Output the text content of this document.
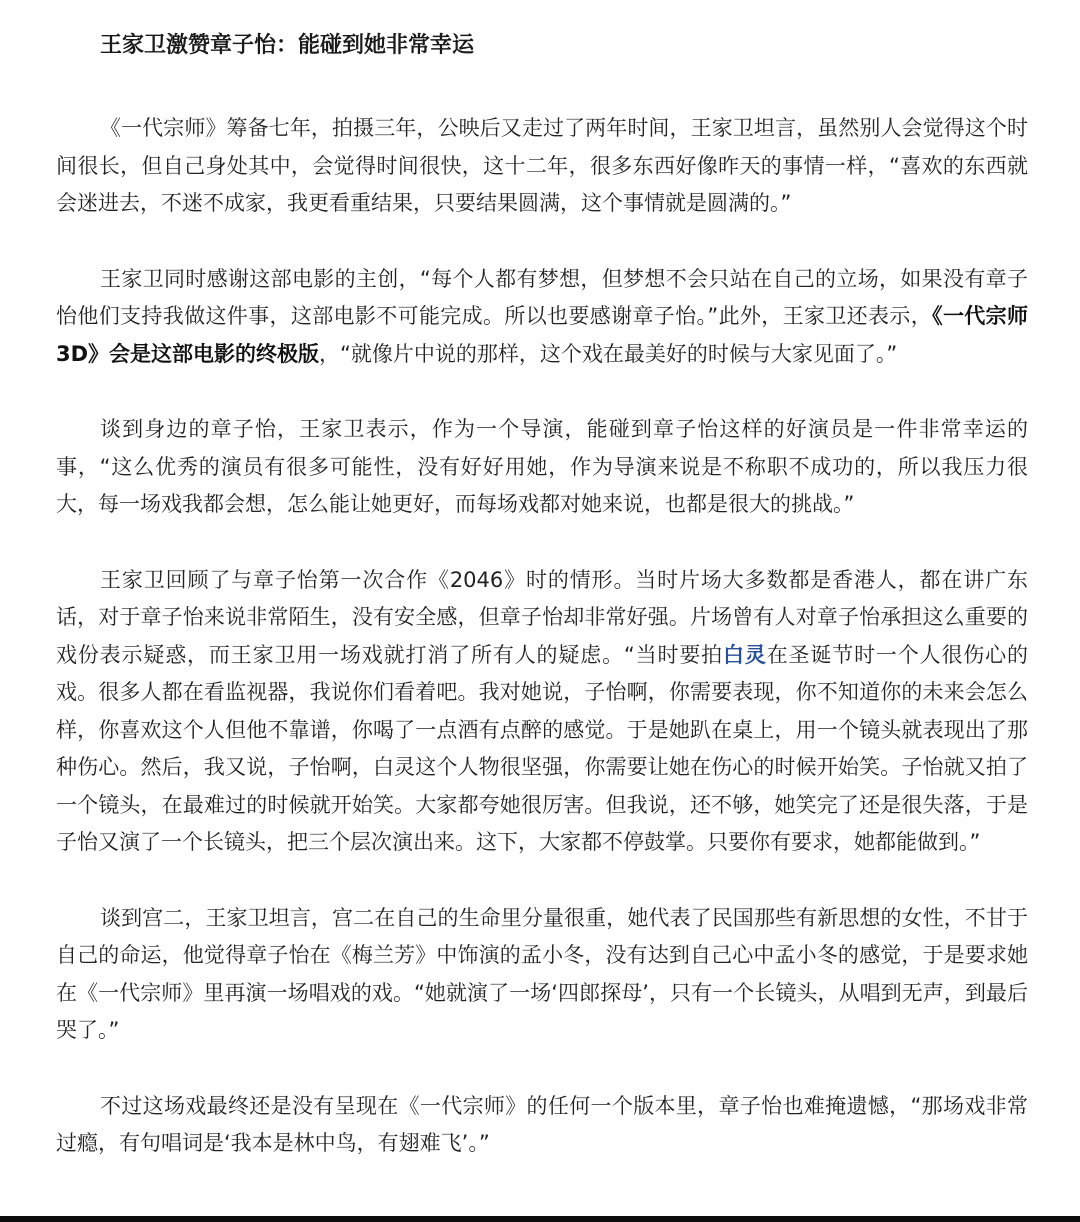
王家卫激赞章子怡：能碰到她非常幸运

《一代宗师》筹备七年，拍摄三年，公映后又走过了两年时间，王家卫坦言，虽然别人会觉得这个时间很长，但自己身处其中，会觉得时间很快，这十二年，很多东西好像昨天的事情一样，“喜欢的东西就会迷进去，不迷不成家，我更看重结果，只要结果圆满，这个事情就是圆满的。”

王家卫同时感谢这部电影的主创，“每个人都有梦想，但梦想不会只站在自己的立场，如果没有章子怡他们支持我做这件事，这部电影不可能完成。所以也要感谢章子怡。”此外，王家卫还表示，《一代宗师3D》会是这部电影的终极版，“就像片中说的那样，这个戏在最美好的时候与大家见面了。”

谈到身边的章子怡，王家卫表示，作为一个导演，能碰到章子怡这样的好演员是一件非常幸运的事，“这么优秀的演员有很多可能性，没有好好用她，作为导演来说是不称职不成功的，所以我压力很大，每一场戏我都会想，怎么能让她更好，而每场戏都对她来说，也都是很大的挑战。”

王家卫回顾了与章子怡第一次合作《2046》时的情形。当时片场大多数都是香港人，都在讲广东话，对于章子怡来说非常陌生，没有安全感，但章子怡却非常好强。片场曾有人对章子怡承担这么重要的戏份表示疑惑，而王家卫用一场戏就打消了所有人的疑虑。“当时要拍白灵在圣诞节时一个人很伤心的戏。很多人都在看监视器，我说你们看着吧。我对她说，子怡啊，你需要表现，你不知道你的未来会怎么样，你喜欢这个人但他不靠谱，你喝了一点酒有点醉的感觉。于是她趴在桌上，用一个镜头就表现出了那种伤心。然后，我又说，子怡啊，白灵这个人物很坚强，你需要让她在伤心的时候开始笑。子怡就又拍了一个镜头，在最难过的时候就开始笑。大家都夸她很厉害。但我说，还不够，她笑完了还是很失落，于是子怡又演了一个长镜头，把三个层次演出来。这下，大家都不停鼓掌。只要你有要求，她都能做到。”

谈到宫二，王家卫坦言，宫二在自己的生命里分量很重，她代表了民国那些有新思想的女性，不甘于自己的命运，他觉得章子怡在《梅兰芳》中饰演的孟小冬，没有达到自己心中孟小冬的感觉，于是要求她在《一代宗师》里再演一场唱戏的戏。“她就演了一场‘四郎探母’，只有一个长镜头，从唱到无声，到最后哭了。”

不过这场戏最终还是没有呈现在《一代宗师》的任何一个版本里，章子怡也难掩遗憾，“那场戏非常过瘾，有句唱词是‘我本是林中鸟，有翅难飞’。”
